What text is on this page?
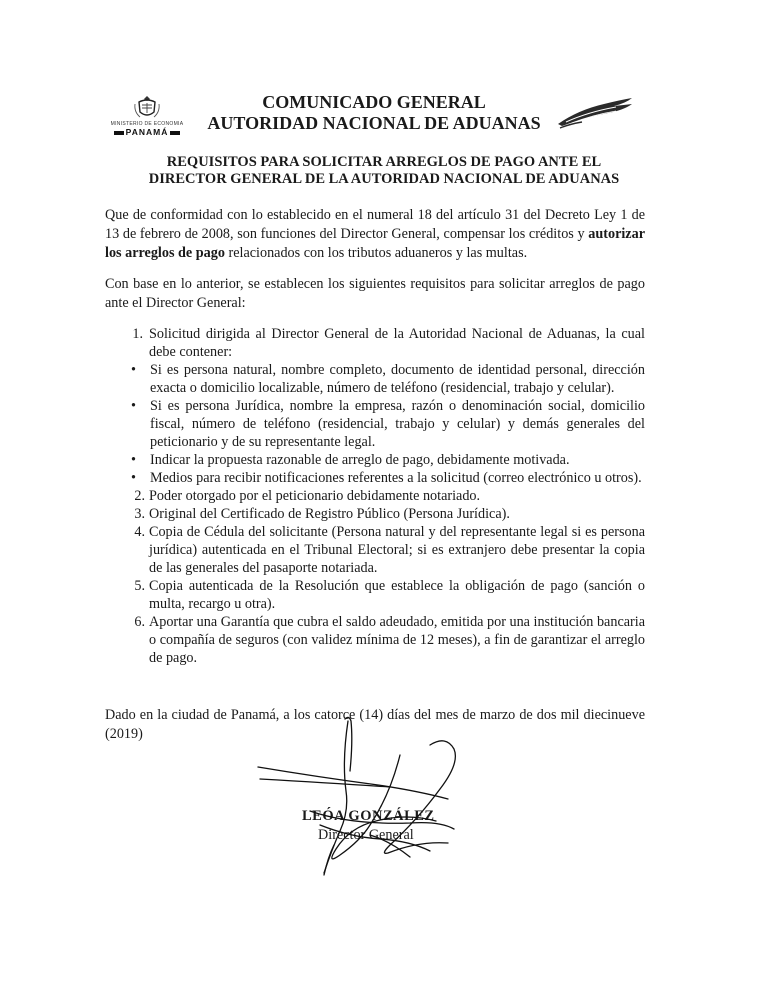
MINISTERIO DE ECONOMIA
PANAMÁ
COMUNICADO GENERAL
AUTORIDAD NACIONAL DE ADUANAS
REQUISITOS PARA SOLICITAR ARREGLOS DE PAGO ANTE EL
DIRECTOR GENERAL DE LA AUTORIDAD NACIONAL DE ADUANAS
Que de conformidad con lo establecido en el numeral 18 del artículo 31 del Decreto Ley 1 de 13 de febrero de 2008, son funciones del Director General, compensar los créditos y autorizar los arreglos de pago relacionados con los tributos aduaneros y las multas.
Con base en lo anterior, se establecen los siguientes requisitos para solicitar arreglos de pago ante el Director General:
1. Solicitud dirigida al Director General de la Autoridad Nacional de Aduanas, la cual debe contener:
• Si es persona natural, nombre completo, documento de identidad personal, dirección exacta o domicilio localizable, número de teléfono (residencial, trabajo y celular).
• Si es persona Jurídica, nombre la empresa, razón o denominación social, domicilio fiscal, número de teléfono (residencial, trabajo y celular) y demás generales del peticionario y de su representante legal.
• Indicar la propuesta razonable de arreglo de pago, debidamente motivada.
• Medios para recibir notificaciones referentes a la solicitud (correo electrónico u otros).
2. Poder otorgado por el peticionario debidamente notariado.
3. Original del Certificado de Registro Público (Persona Jurídica).
4. Copia de Cédula del solicitante (Persona natural y del representante legal si es persona jurídica) autenticada en el Tribunal Electoral; si es extranjero debe presentar la copia de las generales del pasaporte notariada.
5. Copia autenticada de la Resolución que establece la obligación de pago (sanción o multa, recargo u otra).
6. Aportar una Garantía que cubra el saldo adeudado, emitida por una institución bancaria o compañía de seguros (con validez mínima de 12 meses), a fin de garantizar el arreglo de pago.
Dado en la ciudad de Panamá, a los catorce (14) días del mes de marzo de dos mil diecinueve (2019)
LEÓA GONZÁLEZ
Director General
